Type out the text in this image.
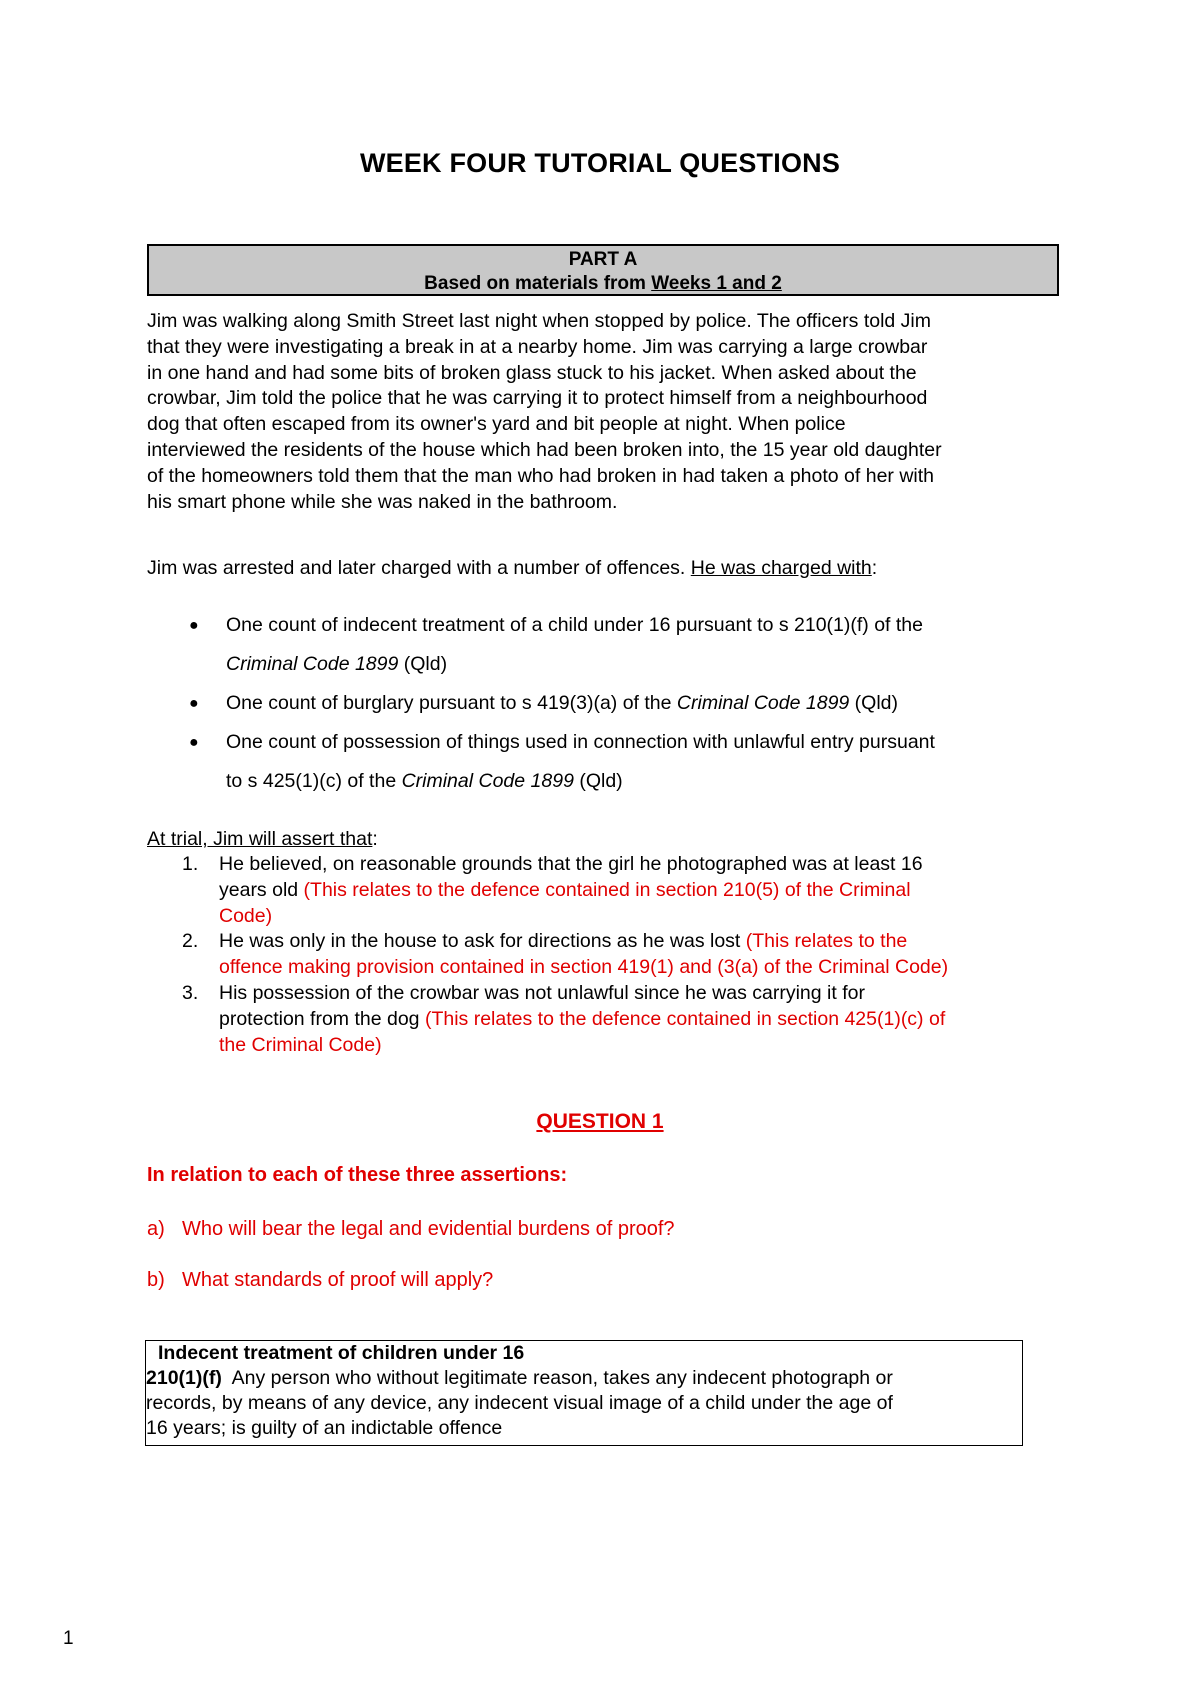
WEEK FOUR TUTORIAL QUESTIONS
PART A
Based on materials from Weeks 1 and 2

Jim was walking along Smith Street last night when stopped by police. The officers told Jim
that they were investigating a break in at a nearby home. Jim was carrying a large crowbar
in one hand and had some bits of broken glass stuck to his jacket. When asked about the
crowbar, Jim told the police that he was carrying it to protect himself from a neighbourhood
dog that often escaped from its owner's yard and bit people at night. When police
interviewed the residents of the house which had been broken into, the 15 year old daughter
of the homeowners told them that the man who had broken in had taken a photo of her with
his smart phone while she was naked in the bathroom.

Jim was arrested and later charged with a number of offences. He was charged with:

● One count of indecent treatment of a child under 16 pursuant to s 210(1)(f) of the
Criminal Code 1899 (Qld)
● One count of burglary pursuant to s 419(3)(a) of the Criminal Code 1899 (Qld)
● One count of possession of things used in connection with unlawful entry pursuant
to s 425(1)(c) of the Criminal Code 1899 (Qld)

At trial, Jim will assert that:

1. He believed, on reasonable grounds that the girl he photographed was at least 16
years old (This relates to the defence contained in section 210(5) of the Criminal
Code)
2. He was only in the house to ask for directions as he was lost (This relates to the
offence making provision contained in section 419(1) and (3(a) of the Criminal Code)
3. His possession of the crowbar was not unlawful since he was carrying it for
protection from the dog (This relates to the defence contained in section 425(1)(c) of
the Criminal Code)
QUESTION 1
In relation to each of these three assertions:
a) Who will bear the legal and evidential burdens of proof?
b) What standards of proof will apply?
Indecent treatment of children under 16
210(1)(f)  Any person who without legitimate reason, takes any indecent photograph or
records, by means of any device, any indecent visual image of a child under the age of
16 years; is guilty of an indictable offence
1
